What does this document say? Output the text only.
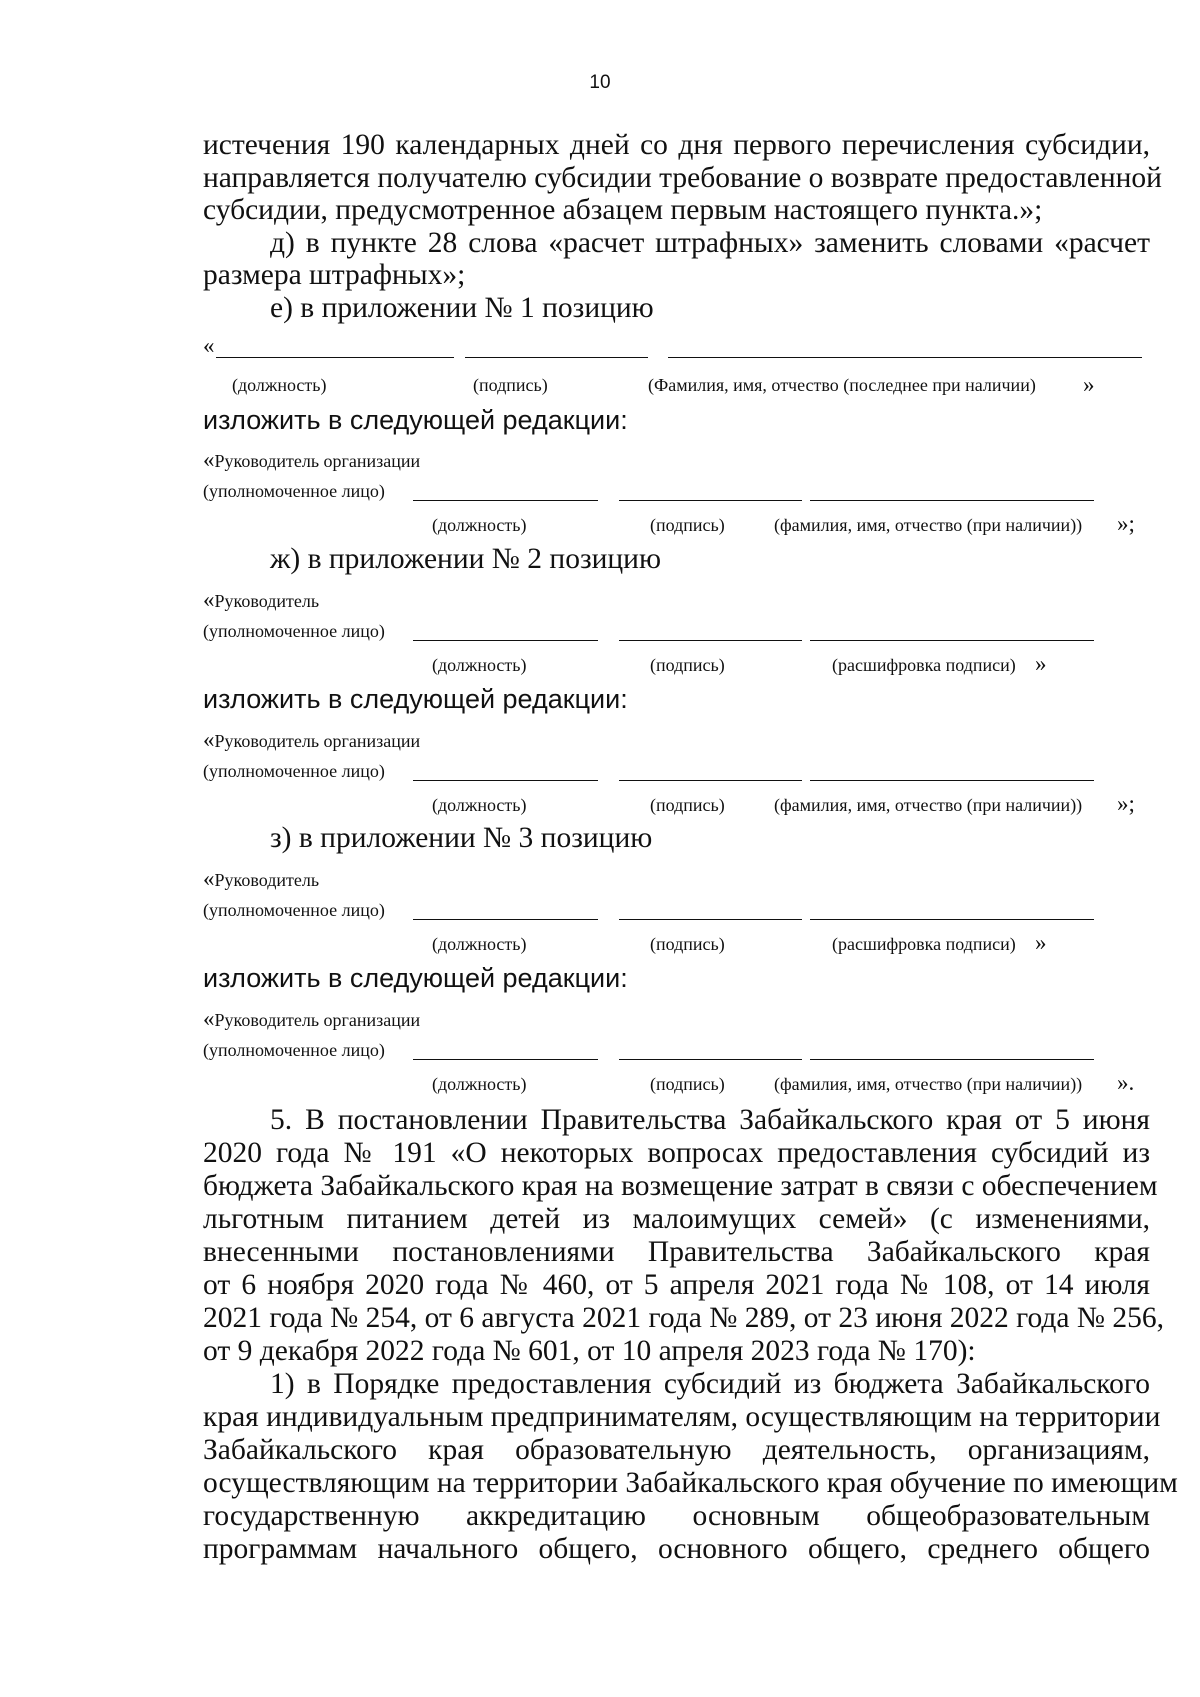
10
истечения 190 календарных дней со дня первого перечисления субсидии,
направляется получателю субсидии требование о возврате предоставленной
субсидии, предусмотренное абзацем первым настоящего пункта.»;
д) в пункте 28 слова «расчет штрафных» заменить словами «расчет
размера штрафных»;
е) в приложении № 1 позицию
«
(должность)	(подпись)	(Фамилия, имя, отчество (последнее при наличии) »
изложить в следующей редакции:
«Руководитель организации
(уполномоченное лицо)
(должность)	(подпись)	(фамилия, имя, отчество (при наличии)) »;
ж) в приложении № 2 позицию
«Руководитель
(уполномоченное лицо)
(должность)	(подпись)	(расшифровка подписи) »
изложить в следующей редакции:
«Руководитель организации
(уполномоченное лицо)
(должность)	(подпись)	(фамилия, имя, отчество (при наличии)) »;
з) в приложении № 3 позицию
«Руководитель
(уполномоченное лицо)
(должность)	(подпись)	(расшифровка подписи) »
изложить в следующей редакции:
«Руководитель организации
(уполномоченное лицо)
(должность)	(подпись)	(фамилия, имя, отчество (при наличии)) ».
5. В постановлении Правительства Забайкальского края от 5 июня
2020 года № 191 «О некоторых вопросах предоставления субсидий из
бюджета Забайкальского края на возмещение затрат в связи с обеспечением
льготным питанием детей из малоимущих семей» (с изменениями,
внесенными постановлениями Правительства Забайкальского края
от 6 ноября 2020 года № 460, от 5 апреля 2021 года № 108, от 14 июля
2021 года № 254, от 6 августа 2021 года № 289, от 23 июня 2022 года № 256,
от 9 декабря 2022 года № 601, от 10 апреля 2023 года № 170):
1) в Порядке предоставления субсидий из бюджета Забайкальского
края индивидуальным предпринимателям, осуществляющим на территории
Забайкальского края образовательную деятельность, организациям,
осуществляющим на территории Забайкальского края обучение по имеющим
государственную аккредитацию основным общеобразовательным
программам начального общего, основного общего, среднего общего
